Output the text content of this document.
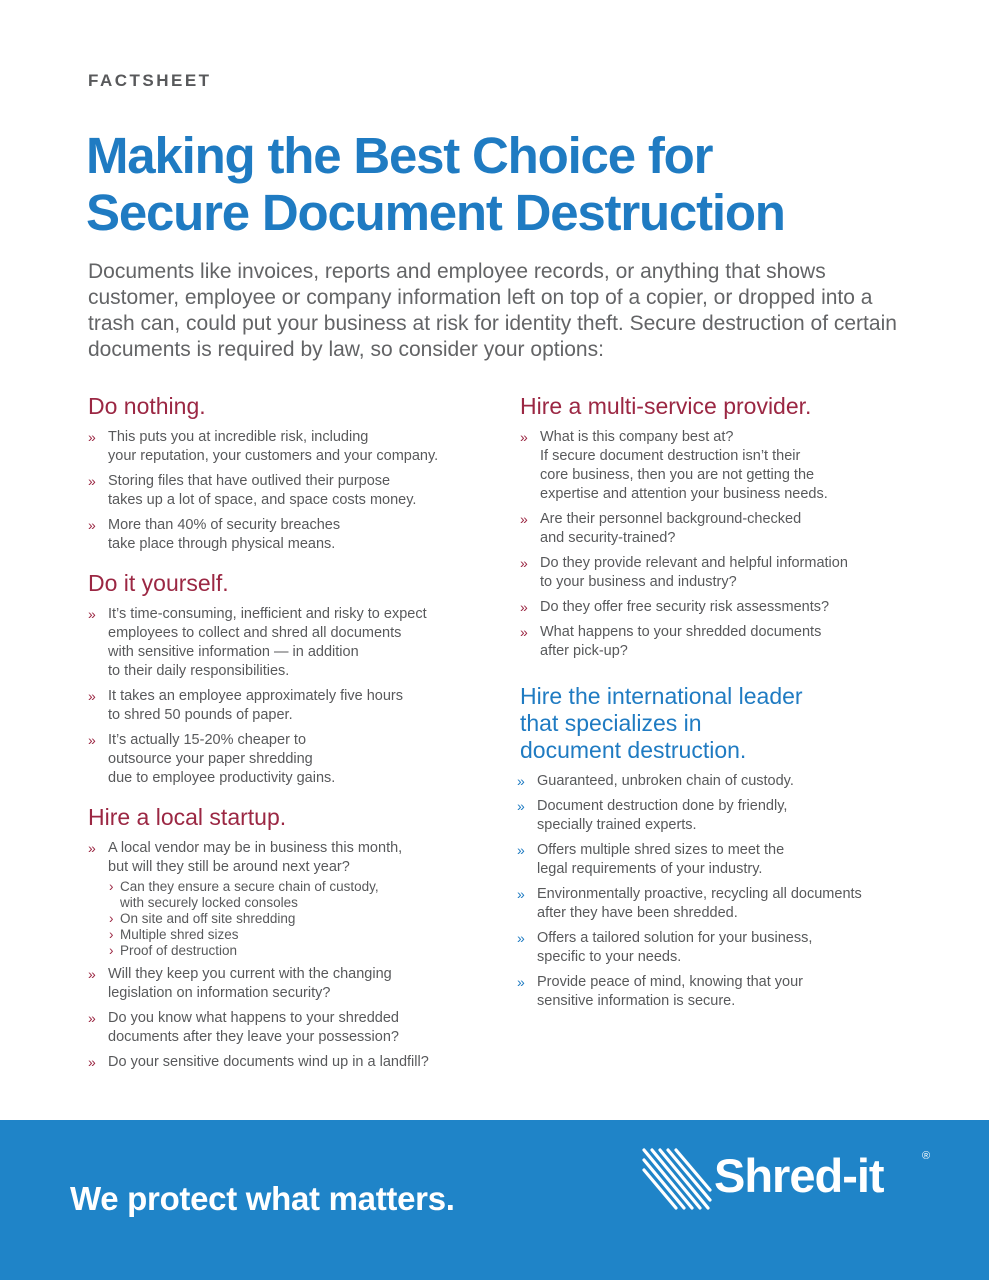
FACTSHEET
Making the Best Choice for
Secure Document Destruction

Documents like invoices, reports and employee records, or anything that shows customer, employee or company information left on top of a copier, or dropped into a trash can, could put your business at risk for identity theft. Secure destruction of certain documents is required by law, so consider your options:

Do nothing.
» This puts you at incredible risk, including
your reputation, your customers and your company.
» Storing files that have outlived their purpose
takes up a lot of space, and space costs money.
» More than 40% of security breaches
take place through physical means.
Do it yourself.
» It’s time-consuming, inefficient and risky to expect
employees to collect and shred all documents
with sensitive information — in addition
to their daily responsibilities.
» It takes an employee approximately five hours
to shred 50 pounds of paper.
» It’s actually 15-20% cheaper to
outsource your paper shredding
due to employee productivity gains.
Hire a local startup.
» A local vendor may be in business this month,
but will they still be around next year?
› Can they ensure a secure chain of custody,
with securely locked consoles
› On site and off site shredding
› Multiple shred sizes
› Proof of destruction
» Will they keep you current with the changing
legislation on information security?
» Do you know what happens to your shredded
documents after they leave your possession?
» Do your sensitive documents wind up in a landfill?
Hire a multi-service provider.
» What is this company best at?
If secure document destruction isn’t their
core business, then you are not getting the
expertise and attention your business needs.
» Are their personnel background-checked
and security-trained?
» Do they provide relevant and helpful information
to your business and industry?
» Do they offer free security risk assessments?
» What happens to your shredded documents
after pick-up?
Hire the international leader
that specializes in
document destruction.
» Guaranteed, unbroken chain of custody.
» Document destruction done by friendly,
specially trained experts.
» Offers multiple shred sizes to meet the
legal requirements of your industry.
» Environmentally proactive, recycling all documents
after they have been shredded.
» Offers a tailored solution for your business,
specific to your needs.
» Provide peace of mind, knowing that your
sensitive information is secure.

We protect what matters.	Shred-it	®
